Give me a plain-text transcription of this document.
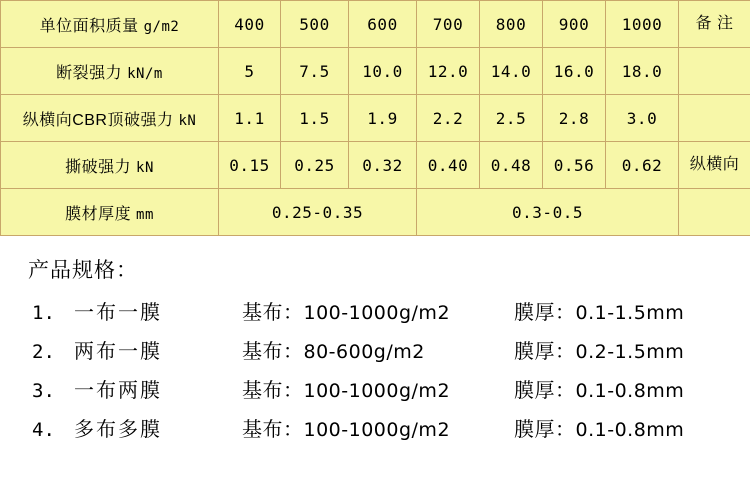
单位面积质量 g/m2	400	500	600	700	800	900	1000	备 注
断裂强力 kN/m	5	7.5	10.0	12.0	14.0	16.0	18.0	
纵横向CBR顶破强力 kN	1.1	1.5	1.9	2.2	2.5	2.8	3.0	
撕破强力 kN	0.15	0.25	0.32	0.40	0.48	0.56	0.62	纵横向
膜材厚度 mm	0.25-0.35			0.3-0.5				
产品规格：
1. 一布一膜	基布：100-1000g/m2	膜厚：0.1-1.5mm
2. 两布一膜	基布：80-600g/m2	膜厚：0.2-1.5mm
3. 一布两膜	基布：100-1000g/m2	膜厚：0.1-0.8mm
4. 多布多膜	基布：100-1000g/m2	膜厚：0.1-0.8mm
